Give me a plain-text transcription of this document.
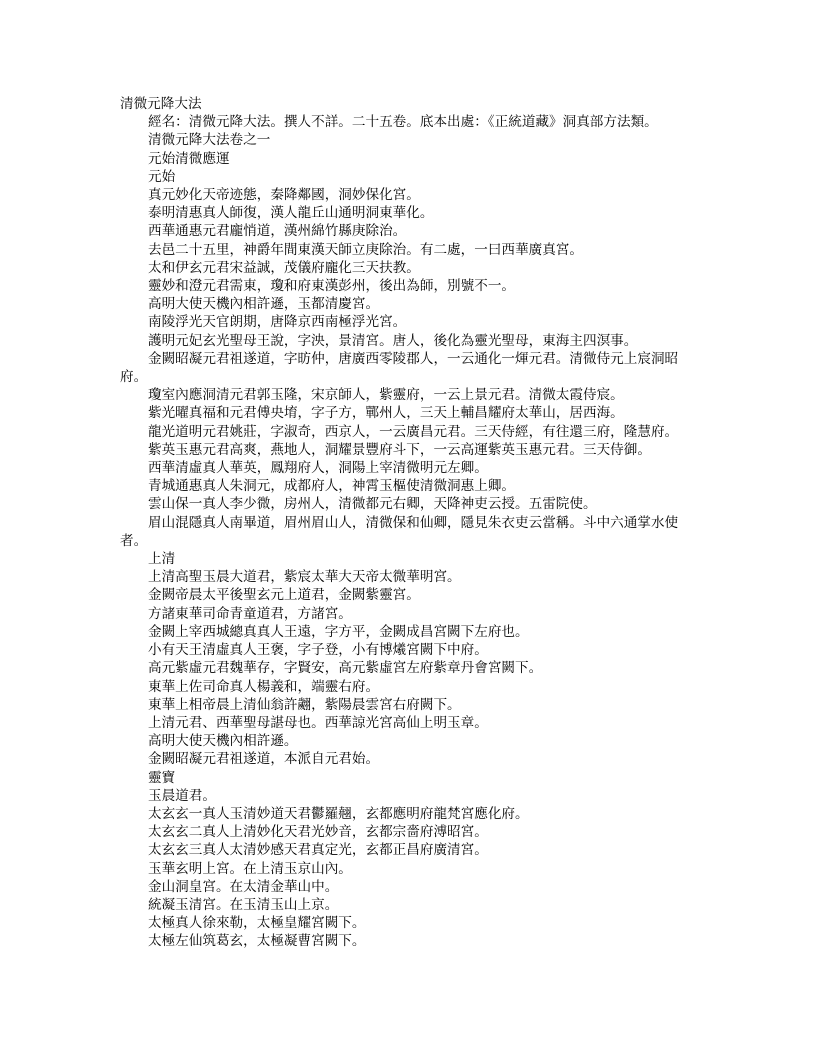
清微元降大法

經名：清微元降大法。撰人不詳。二十五卷。底本出處：《正統道藏》洞真部方法類。

清微元降大法卷之一

元始清微應運

元始

真元妙化天帝迹態，秦降鄰國，洞妙保化宮。

泰明清惠真人師復，漢人龍丘山通明洞東華化。

西華通惠元君龐悄道，漢州綿竹縣庚除治。

去邑二十五里，神爵年間東漢天師立庚除治。有二處，一曰西華廣真宮。

太和伊玄元君宋益誠，茂儀府龐化三天扶教。

靈妙和澄元君需東，瓊和府東漢彭州，後出為師，別號不一。

高明大使天機內相許遜，玉都清慶宮。

南陵浮光天官朗期，唐降京西南極浮光宮。

護明元妃玄光聖母王說，字泱，景清宮。唐人，後化為靈光聖母，東海主四溟事。

金闕昭凝元君祖遂道，字昉仲，唐廣西零陵郡人，一云通化一煇元君。清微侍元上宸洞昭府。

瓊室內應洞清元君郭玉隆，宋京師人，紫靈府，一云上景元君。清微太霞侍宸。

紫光曜真福和元君傅央堉，字子方，鄲州人，三天上輔昌耀府太華山，居西海。

龍光道明元君姚莊，字淑奇，西京人，一云廣昌元君。三天侍經，有往還三府，隆慧府。

紫英玉惠元君高爽，燕地人，洞耀景豐府斗下，一云高運紫英玉惠元君。三天侍御。

西華清虛真人華英，鳳翔府人，洞陽上宰清微明元左卿。

青城通惠真人朱洞元，成都府人，神霄玉樞使清微洞惠上卿。

雲山保一真人李少微，房州人，清微都元右卿，天降神吏云授。五雷院使。

眉山混隱真人南畢道，眉州眉山人，清微保和仙卿，隱見朱衣吏云當稱。斗中六通掌水使者。

上清

上清高聖玉晨大道君，紫宸太華大天帝太微華明宮。

金闕帝晨太平後聖玄元上道君，金闕紫靈宮。

方諸東華司命青童道君，方諸宮。

金闕上宰西城總真真人王遠，字方平，金闕成昌宮闕下左府也。

小有天王清虛真人王褒，字子登，小有博爔宮闕下中府。

高元紫虛元君魏華存，字賢安，高元紫虛宮左府紫章丹會宮闕下。

東華上佐司命真人楊義和，端靈右府。

東華上相帝晨上清仙翁許翽，紫陽晨雲宮右府闕下。

上清元君、西華聖母諶母也。西華諒光宮高仙上明玉章。

高明大使天機內相許遜。

金闕昭凝元君祖遂道，本派自元君始。

靈寶

玉晨道君。

太玄玄一真人玉清妙道天君鬱羅翹，玄都應明府龍梵宮應化府。

太玄玄二真人上清妙化天君光妙音，玄都宗嗇府溥昭宮。

太玄玄三真人太清妙感天君真定光，玄都正昌府廣清宮。

玉華玄明上宮。在上清玉京山內。

金山洞皇宮。在太清金華山中。

統凝玉清宮。在玉清玉山上京。

太極真人徐來勒，太極皇耀宮闕下。

太極左仙筑葛玄，太極凝曹宮闕下。
